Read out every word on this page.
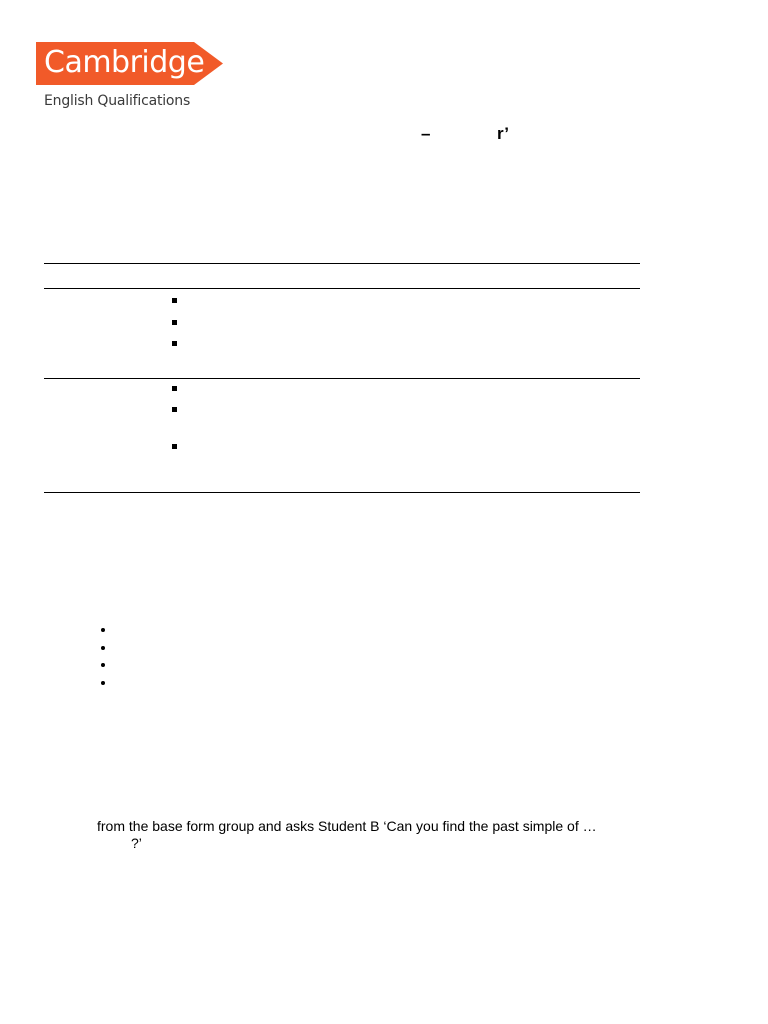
Cambridge
English Qualifications
–	r’
from the base form group and asks Student B ‘Can you find the past simple of …
?’
